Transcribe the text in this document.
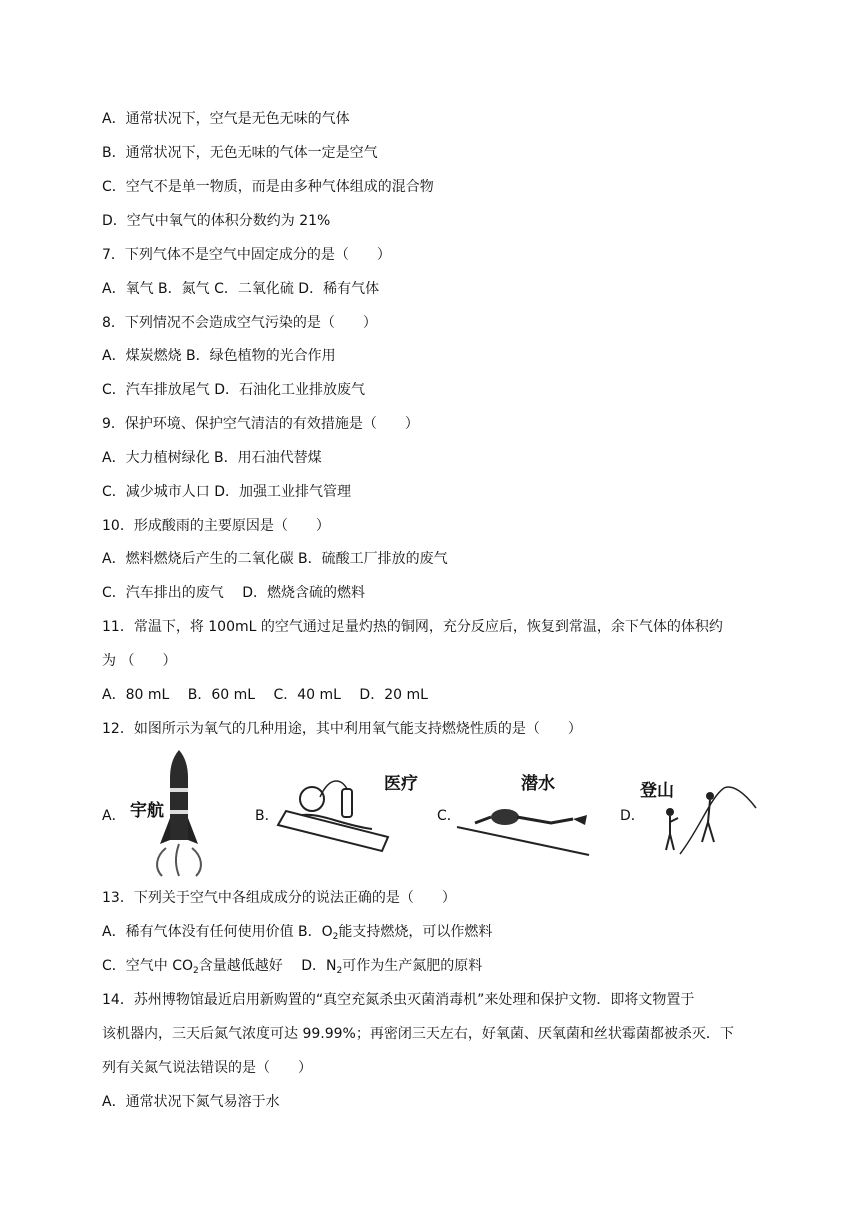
A．通常状况下，空气是无色无味的气体
B．通常状况下，无色无味的气体一定是空气
C．空气不是单一物质，而是由多种气体组成的混合物
D．空气中氧气的体积分数约为 21%
7．下列气体不是空气中固定成分的是（　　）
A．氧气 B．氮气 C．二氧化硫 D．稀有气体
8．下列情况不会造成空气污染的是（　　）
A．煤炭燃烧 B．绿色植物的光合作用
C．汽车排放尾气 D．石油化工业排放废气
9．保护环境、保护空气清洁的有效措施是（　　）
A．大力植树绿化 B．用石油代替煤
C．减少城市人口 D．加强工业排气管理
10．形成酸雨的主要原因是（　　）
A．燃料燃烧后产生的二氧化碳 B．硫酸工厂排放的废气
C．汽车排出的废气　 D．燃烧含硫的燃料
11．常温下，将 100mL 的空气通过足量灼热的铜网，充分反应后，恢复到常温，余下气体的体积约
为 （　　）
A．80 mL　 B．60 mL　 C．40 mL　 D．20 mL
12．如图所示为氧气的几种用途，其中利用氧气能支持燃烧性质的是（　　）
A． 宇航	B．
医疗
C．
潜水
D．
登山
13．下列关于空气中各组成成分的说法正确的是（　　）
A．稀有气体没有任何使用价值 B．$O_2$能支持燃烧，可以作燃料
C．空气中 $CO_2$含量越低越好　 D．$N_2$可作为生产氮肥的原料
14．苏州博物馆最近启用新购置的“真空充氮杀虫灭菌消毒机”来处理和保护文物．即将文物置于
该机器内，三天后氮气浓度可达 99.99%；再密闭三天左右，好氧菌、厌氧菌和丝状霉菌都被杀灭．下
列有关氮气说法错误的是（　　）
A．通常状况下氮气易溶于水
